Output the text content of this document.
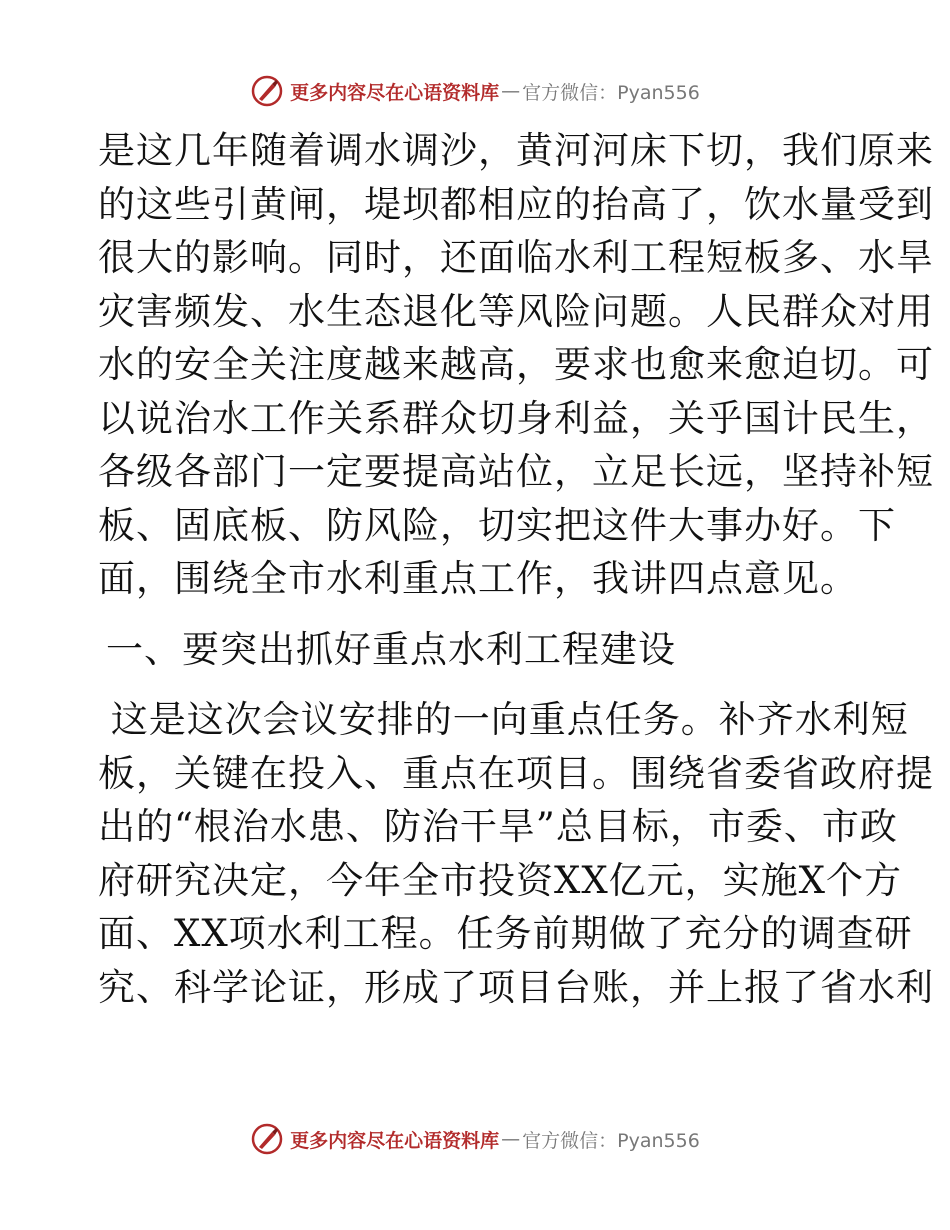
更多内容尽在心语资料库 — 官方微信：Pyan556
是这几年随着调水调沙，黄河河床下切，我们原来
的这些引黄闸，堤坝都相应的抬高了，饮水量受到
很大的影响。同时，还面临水利工程短板多、水旱
灾害频发、水生态退化等风险问题。人民群众对用
水的安全关注度越来越高，要求也愈来愈迫切。可
以说治水工作关系群众切身利益，关乎国计民生，
各级各部门一定要提高站位，立足长远，坚持补短
板、固底板、防风险，切实把这件大事办好。下
面，围绕全市水利重点工作，我讲四点意见。
一、要突出抓好重点水利工程建设
这是这次会议安排的一向重点任务。补齐水利短
板，关键在投入、重点在项目。围绕省委省政府提
出的“根治水患、防治干旱”总目标，市委、市政
府研究决定，今年全市投资XX亿元，实施X个方
面、XX项水利工程。任务前期做了充分的调查研
究、科学论证，形成了项目台账，并上报了省水利
更多内容尽在心语资料库 — 官方微信：Pyan556
